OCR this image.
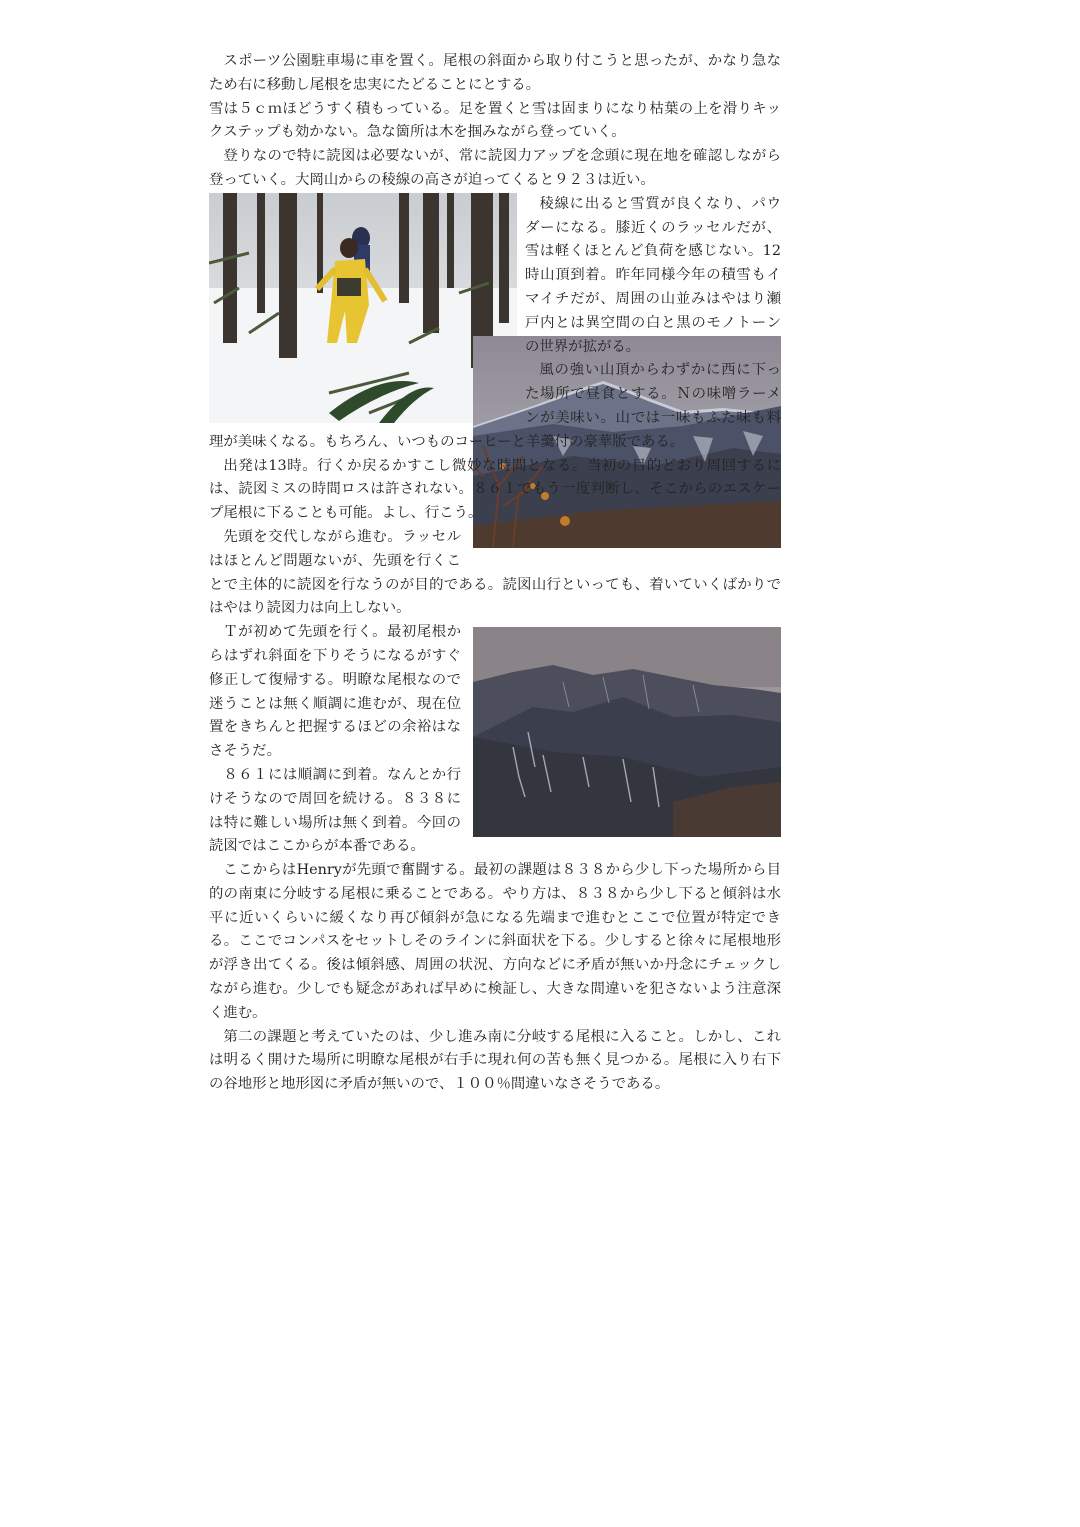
スポーツ公園駐車場に車を置く。尾根の斜面から取り付こうと思ったが、かなり急なため右に移動し尾根を忠実にたどることにとする。

雪は５ｃｍほどうすく積もっている。足を置くと雪は固まりになり枯葉の上を滑りキックステップも効かない。急な箇所は木を掴みながら登っていく。

登りなので特に読図は必要ないが、常に読図力アップを念頭に現在地を確認しながら登っていく。大岡山からの稜線の高さが迫ってくると９２３は近い。

稜線に出ると雪質が良くなり、パウダーになる。膝近くのラッセルだが、雪は軽くほとんど負荷を感じない。12時山頂到着。昨年同様今年の積雪もイマイチだが、周囲の山並みはやはり瀬戸内とは異空間の白と黒のモノトーンの世界が拡がる。

風の強い山頂からわずかに西に下った場所で昼食とする。Ｎの味噌ラーメンが美味い。山では一味もふた味も料理が美味くなる。もちろん、いつものコーヒーと羊羹付の豪華版である。

出発は13時。行くか戻るかすこし微妙な時間となる。当初の目的どおり周回するには、読図ミスの時間ロスは許されない。８６１でもう一度判断し、そこからのエスケープ尾根に下ることも可能。よし、行こう。

先頭を交代しながら進む。ラッセルはほとんど問題ないが、先頭を行くことで主体的に読図を行なうのが目的である。読図山行といっても、着いていくばかりではやはり読図力は向上しない。

Ｔが初めて先頭を行く。最初尾根からはずれ斜面を下りそうになるがすぐ修正して復帰する。明瞭な尾根なので迷うことは無く順調に進むが、現在位置をきちんと把握するほどの余裕はなさそうだ。

８６１には順調に到着。なんとか行けそうなので周回を続ける。８３８には特に難しい場所は無く到着。今回の読図ではここからが本番である。

ここからはHenryが先頭で奮闘する。最初の課題は８３８から少し下った場所から目的の南東に分岐する尾根に乗ることである。やり方は、８３８から少し下ると傾斜は水平に近いくらいに緩くなり再び傾斜が急になる先端まで進むとここで位置が特定できる。ここでコンパスをセットしそのラインに斜面状を下る。少しすると徐々に尾根地形が浮き出てくる。後は傾斜感、周囲の状況、方向などに矛盾が無いか丹念にチェックしながら進む。少しでも疑念があれば早めに検証し、大きな間違いを犯さないよう注意深く進む。

第二の課題と考えていたのは、少し進み南に分岐する尾根に入ること。しかし、これは明るく開けた場所に明瞭な尾根が右手に現れ何の苦も無く見つかる。尾根に入り右下の谷地形と地形図に矛盾が無いので、１００％間違いなさそうである。
